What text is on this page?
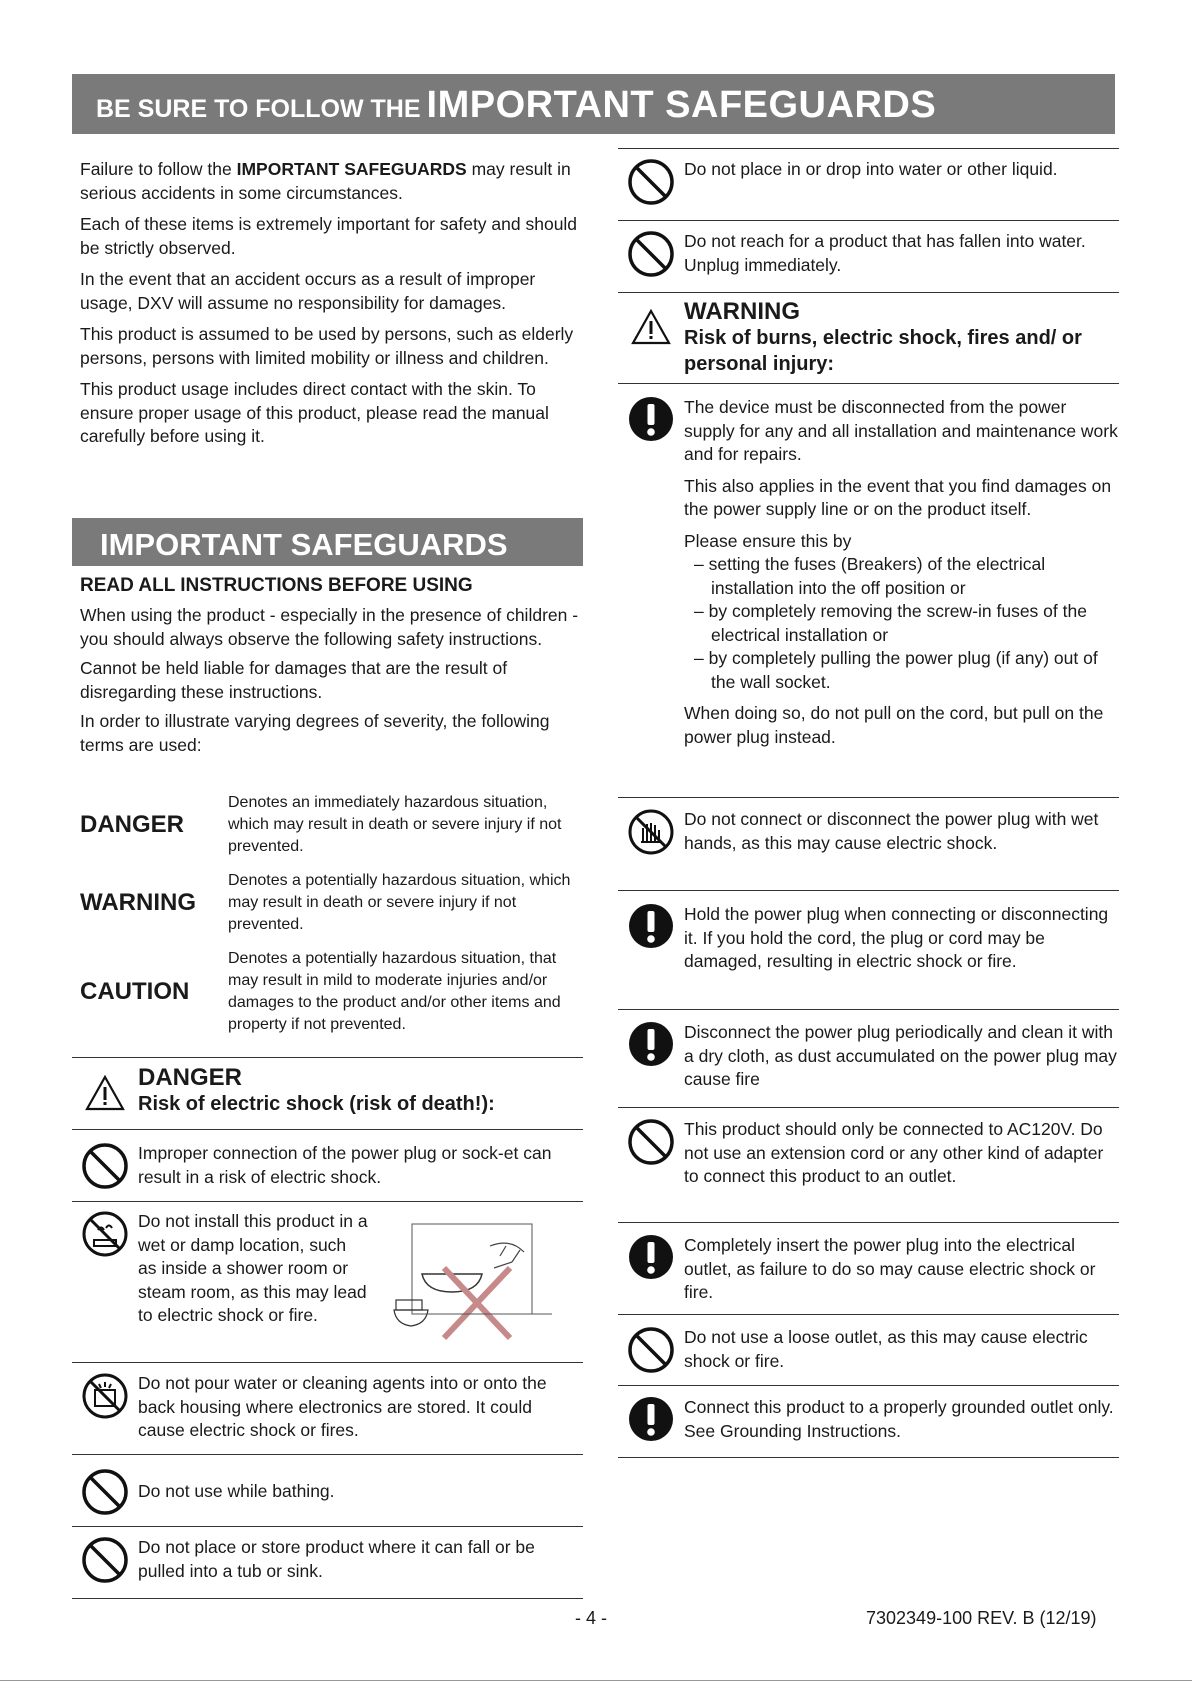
BE SURE TO FOLLOW THE IMPORTANT SAFEGUARDS

Failure to follow the IMPORTANT SAFEGUARDS may result in serious accidents in some circumstances.

Each of these items is extremely important for safety and should be strictly observed.

In the event that an accident occurs as a result of improper usage, DXV will assume no responsibility for damages.

This product is assumed to be used by persons, such as elderly persons, persons with limited mobility or illness and children.

This product usage includes direct contact with the skin. To ensure proper usage of this product, please read the manual carefully before using it.

IMPORTANT SAFEGUARDS

READ ALL INSTRUCTIONS BEFORE USING

When using the product - especially in the presence of children - you should always observe the following safety instructions.

Cannot be held liable for damages that are the result of disregarding these instructions.

In order to illustrate varying degrees of severity, the following terms are used:

DANGER
Denotes an immediately hazardous situation, which may result in death or severe injury if not prevented.
WARNING
Denotes a potentially hazardous situation, which may result in death or severe injury if not prevented.
CAUTION
Denotes a potentially hazardous situation, that may result in mild to moderate injuries and/or damages to the product and/or other items and property if not prevented.
DANGER
Risk of electric shock (risk of death!):

Improper connection of the power plug or sock-et can result in a risk of electric shock.

Do not install this product in a wet or damp location, such as inside a shower room or steam room, as this may lead to electric shock or fire.

Do not pour water or cleaning agents into or onto the back housing where electronics are stored. It could cause electric shock or fires.

Do not use while bathing.

Do not place or store product where it can fall or be pulled into a tub or sink.

Do not place in or drop into water or other liquid.

Do not reach for a product that has fallen into water. Unplug immediately.

WARNING
Risk of burns, electric shock, fires and/ or personal injury:

The device must be disconnected from the power supply for any and all installation and maintenance work and for repairs.

This also applies in the event that you find damages on the power supply line or on the product itself.

Please ensure this by

– setting the fuses (Breakers) of the electrical installation into the off position or

– by completely removing the screw-in fuses of the electrical installation or

– by completely pulling the power plug (if any) out of the wall socket.

When doing so, do not pull on the cord, but pull on the power plug instead.

Do not connect or disconnect the power plug with wet hands, as this may cause electric shock.

Hold the power plug when connecting or disconnecting it. If you hold the cord, the plug or cord may be damaged, resulting in electric shock or fire.

Disconnect the power plug periodically and clean it with a dry cloth, as dust accumulated on the power plug may cause fire

This product should only be connected to AC120V. Do not use an extension cord or any other kind of adapter to connect this product to an outlet.

Completely insert the power plug into the electrical outlet, as failure to do so may cause electric shock or fire.

Do not use a loose outlet, as this may cause electric shock or fire.

Connect this product to a properly grounded outlet only. See Grounding Instructions.

- 4 -	7302349-100 REV. B (12/19)
